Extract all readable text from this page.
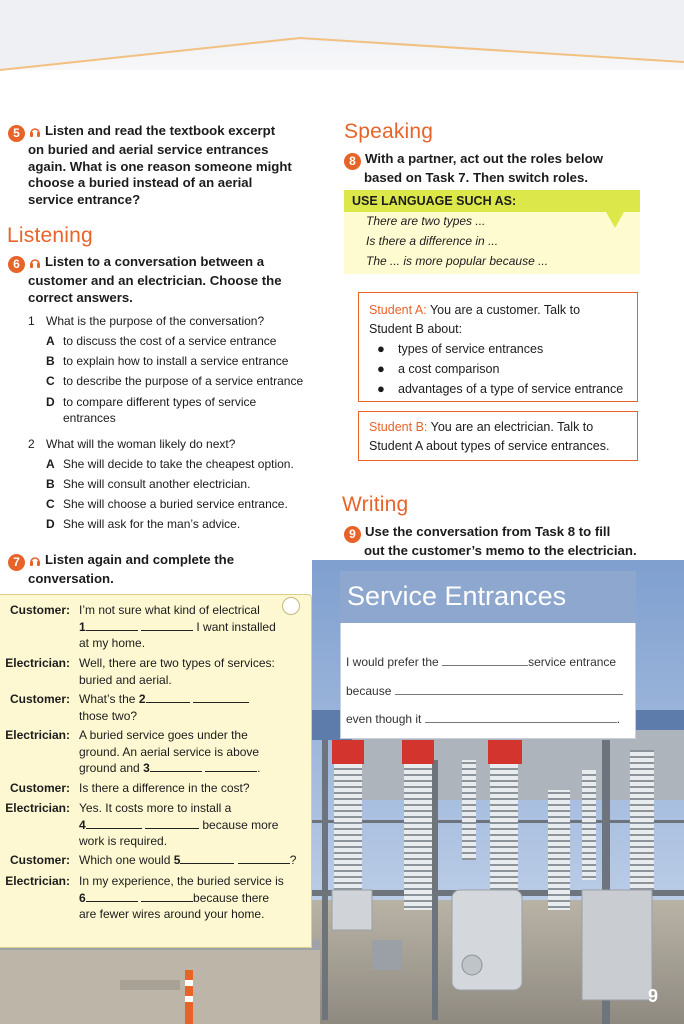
5 Listen and read the textbook excerpt
on buried and aerial service entrances
again. What is one reason someone might
choose a buried instead of an aerial
service entrance?
Listening
6 Listen to a conversation between a
customer and an electrician. Choose the
correct answers.
1 What is the purpose of the conversation?
A to discuss the cost of a service entrance
B to explain how to install a service entrance
C to describe the purpose of a service entrance
D to compare different types of service
entrances
2 What will the woman likely do next?
A She will decide to take the cheapest option.
B She will consult another electrician.
C She will choose a buried service entrance.
D She will ask for the man’s advice.
7 Listen again and complete the
conversation.
Customer: I’m not sure what kind of electrical
1	I want installed
at my home.
Electrician: Well, there are two types of services:
buried and aerial.
Customer: What’s the 2
those two?
Electrician: A buried service goes under the
ground. An aerial service is above
ground and 3	.
Customer: Is there a difference in the cost?
Electrician: Yes. It costs more to install a
4	because more
work is required.
Customer: Which one would 5	?
Electrician: In my experience, the buried service is
6	because there
are fewer wires around your home.
Speaking
8 With a partner, act out the roles below
based on Task 7. Then switch roles.
USE LANGUAGE SUCH AS:
There are two types ...
Is there a difference in ...
The ... is more popular because ...
Student A: You are a customer. Talk to
Student B about:
● types of service entrances
● a cost comparison
● advantages of a type of service entrance
Student B: You are an electrician. Talk to
Student A about types of service entrances.
Writing
9 Use the conversation from Task 8 to fill
out the customer’s memo to the electrician.
Service Entrances
I would prefer the	service entrance
because
even though it	.
9
